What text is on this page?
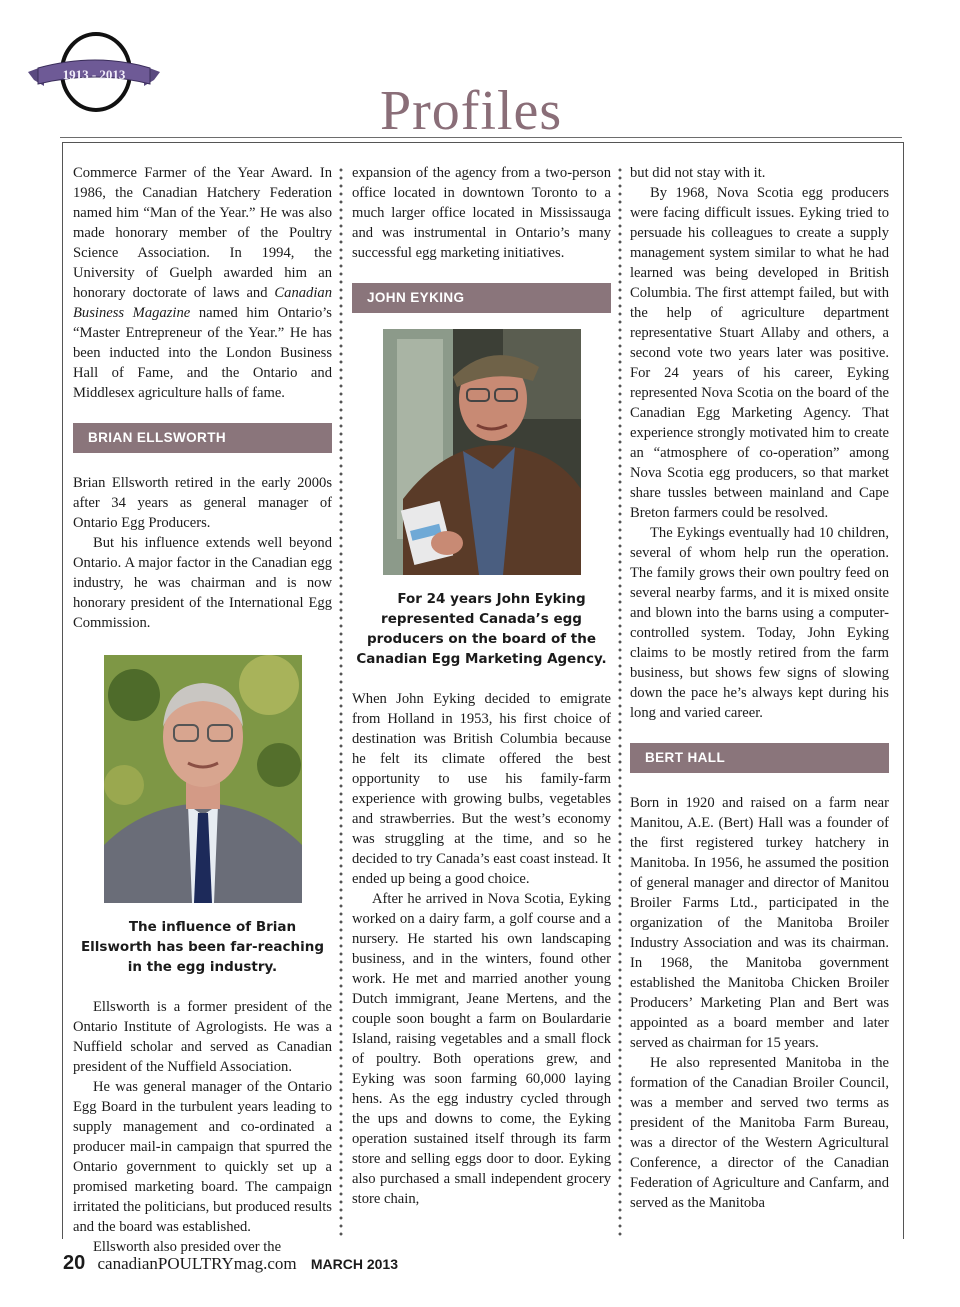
1913 - 2013
Profiles

Commerce Farmer of the Year Award. In 1986, the Canadian Hatchery Federation named him “Man of the Year.” He was also made honorary member of the Poultry Science Association. In 1994, the University of Guelph awarded him an honorary doctorate of laws and Canadian Business Magazine named him Ontario’s “Master Entrepreneur of the Year.” He has been inducted into the London Business Hall of Fame, and the Ontario and Middlesex agriculture halls of fame.

BRIAN ELLSWORTH

Brian Ellsworth retired in the early 2000s after 34 years as general manager of Ontario Egg Producers.

But his influence extends well beyond Ontario. A major factor in the Canadian egg industry, he was chairman and is now honorary president of the International Egg Commission.

The influence of Brian Ellsworth has been far-reaching in the egg industry.

Ellsworth is a former president of the Ontario Institute of Agrologists. He was a Nuffield scholar and served as Canadian president of the Nuffield Association.

He was general manager of the Ontario Egg Board in the turbulent years leading to supply management and co-ordinated a producer mail-in campaign that spurred the Ontario government to quickly set up a promised marketing board. The campaign irritated the politicians, but produced results and the board was established.

Ellsworth also presided over the

expansion of the agency from a two-person office located in downtown Toronto to a much larger office located in Mississauga and was instrumental in Ontario’s many successful egg marketing initiatives.

JOHN EYKING

For 24 years John Eyking represented Canada’s egg producers on the board of the Canadian Egg Marketing Agency.

When John Eyking decided to emigrate from Holland in 1953, his first choice of destination was British Columbia because he felt its climate offered the best opportunity to use his family-farm experience with growing bulbs, vegetables and strawberries. But the west’s economy was struggling at the time, and so he decided to try Canada’s east coast instead. It ended up being a good choice.

After he arrived in Nova Scotia, Eyking worked on a dairy farm, a golf course and a nursery. He started his own landscaping business, and in the winters, found other work. He met and married another young Dutch immigrant, Jeane Mertens, and the couple soon bought a farm on Boulardarie Island, raising vegetables and a small flock of poultry. Both operations grew, and Eyking was soon farming 60,000 laying hens. As the egg industry cycled through the ups and downs to come, the Eyking operation sustained itself through its farm store and selling eggs door to door. Eyking also purchased a small independent grocery store chain,

but did not stay with it.

By 1968, Nova Scotia egg producers were facing difficult issues. Eyking tried to persuade his colleagues to create a supply management system similar to what he had learned was being developed in British Columbia. The first attempt failed, but with the help of agriculture department representative Stuart Allaby and others, a second vote two years later was positive. For 24 years of his career, Eyking represented Nova Scotia on the board of the Canadian Egg Marketing Agency. That experience strongly motivated him to create an “atmosphere of co-operation” among Nova Scotia egg producers, so that market share tussles between mainland and Cape Breton farmers could be resolved.

The Eykings eventually had 10 children, several of whom help run the operation. The family grows their own poultry feed on several nearby farms, and it is mixed onsite and blown into the barns using a computer-controlled system. Today, John Eyking claims to be mostly retired from the farm business, but shows few signs of slowing down the pace he’s always kept during his long and varied career.

BERT HALL

Born in 1920 and raised on a farm near Manitou, A.E. (Bert) Hall was a founder of the first registered turkey hatchery in Manitoba. In 1956, he assumed the position of general manager and director of Manitou Broiler Farms Ltd., participated in the organization of the Manitoba Broiler Industry Association and was its chairman. In 1968, the Manitoba government established the Manitoba Chicken Broiler Producers’ Marketing Plan and Bert was appointed as a board member and later served as chairman for 15 years.

He also represented Manitoba in the formation of the Canadian Broiler Council, was a member and served two terms as president of the Manitoba Farm Bureau, was a director of the Western Agricultural Conference, a director of the Canadian Federation of Agriculture and Canfarm, and served as the Manitoba

20 canadianPOULTRYmag.com MARCH 2013
